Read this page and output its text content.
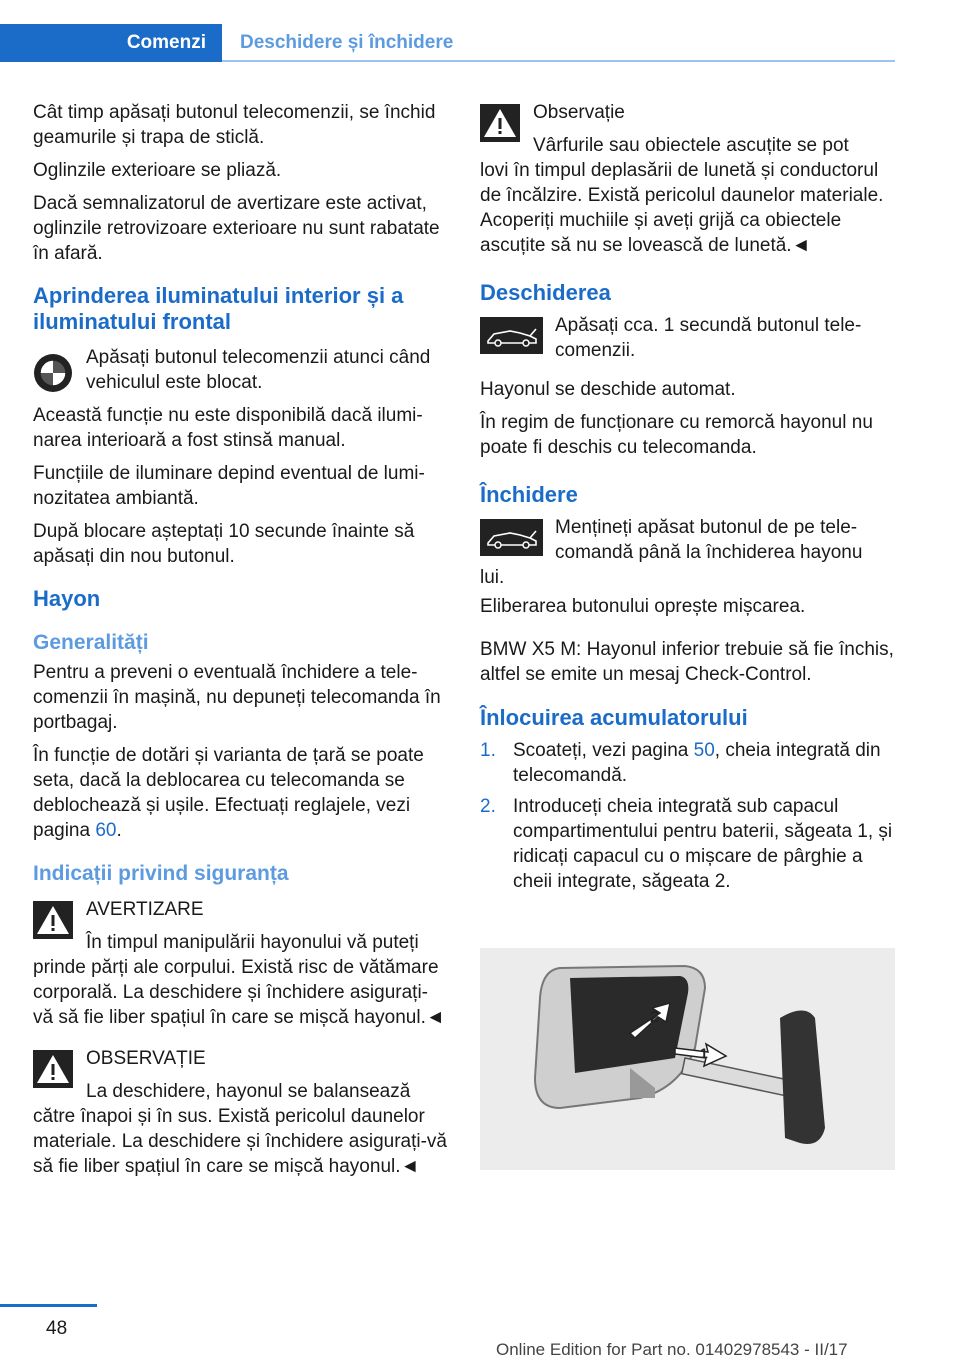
Comenzi	Deschidere și închidere

Cât timp apăsați butonul telecomenzii, se închid geamurile și trapa de sticlă.

Oglinzile exterioare se pliază.

Dacă semnalizatorul de avertizare este activat, oglinzile retrovizoare exterioare nu sunt rabatate în afară.

Aprinderea iluminatului interior și a iluminatului frontal

Apăsați butonul telecomenzii atunci când vehiculul este blocat.

Această funcție nu este disponibilă dacă iluminarea interioară a fost stinsă manual.

Funcțiile de iluminare depind eventual de luminozitatea ambiantă.

După blocare așteptați 10 secunde înainte să apăsați din nou butonul.

Hayon
Generalități

Pentru a preveni o eventuală închidere a telecomenzii în mașină, nu depuneți telecomanda în portbagaj.

În funcție de dotări și varianta de țară se poate seta, dacă la deblocarea cu telecomanda se deblochează și ușile. Efectuați reglajele, vezi pagina 60.

Indicații privind siguranța

AVERTIZARE

În timpul manipulării hayonului vă puteți

prinde părți ale corpului. Există risc de vătămare corporală. La deschidere și închidere asigurați-vă să fie liber spațiul în care se mișcă hayonul.◄

OBSERVAȚIE

La deschidere, hayonul se balansează

către înapoi și în sus. Există pericolul daunelor materiale. La deschidere și închidere asigurați-vă să fie liber spațiul în care se mișcă hayonul.◄

Observație

Vârfurile sau obiectele ascuțite se pot

lovi în timpul deplasării de lunetă și conductorul de încălzire. Există pericolul daunelor materiale. Acoperiți muchiile și aveți grijă ca obiectele ascuțite să nu se lovească de lunetă.◄

Deschiderea

Apăsați cca. 1 secundă butonul telecomenzii.

Hayonul se deschide automat.

În regim de funcționare cu remorcă hayonul nu poate fi deschis cu telecomanda.

Închidere

Mențineți apăsat butonul de pe telecomandă până la închiderea hayonu

lui.

Eliberarea butonului oprește mișcarea.

BMW X5 M: Hayonul inferior trebuie să fie închis, altfel se emite un mesaj Check-Control.

Înlocuirea acumulatorului
1. Scoateți, vezi pagina 50, cheia integrată din telecomandă.
2. Introduceți cheia integrată sub capacul compartimentului pentru baterii, săgeata 1, și ridicați capacul cu o mișcare de pârghie a cheii integrate, săgeata 2.
2
1
48
Online Edition for Part no. 01402978543 - II/17
